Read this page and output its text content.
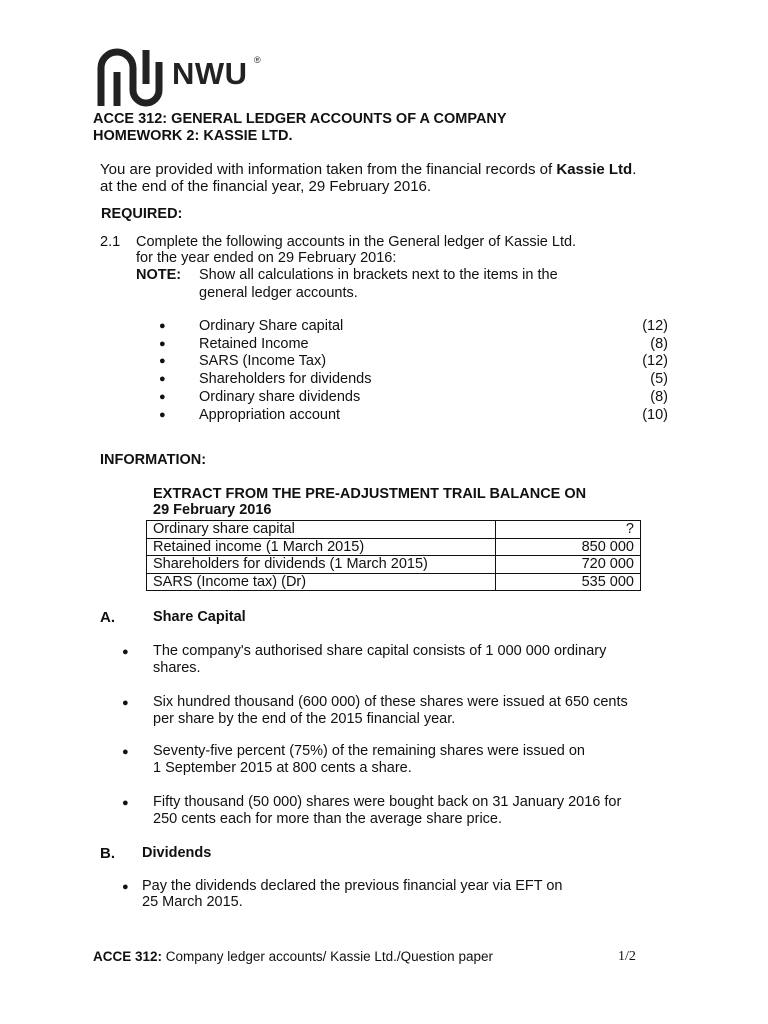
NWU ®
ACCE 312: GENERAL LEDGER ACCOUNTS OF A COMPANY
HOMEWORK 2: KASSIE LTD.
You are provided with information taken from the financial records of Kassie Ltd.
at the end of the financial year, 29 February 2016.
REQUIRED:
2.1 Complete the following accounts in the General ledger of Kassie Ltd.
for the year ended on 29 February 2016:
NOTE: Show all calculations in brackets next to the items in the
general ledger accounts.
● Ordinary Share capital	(12)
● Retained Income	(8)
● SARS (Income Tax)	(12)
● Shareholders for dividends	(5)
● Ordinary share dividends	(8)
● Appropriation account	(10)
INFORMATION:
EXTRACT FROM THE PRE-ADJUSTMENT TRAIL BALANCE ON
29 February 2016
Ordinary share capital	?
Retained income (1 March 2015)	850 000
Shareholders for dividends (1 March 2015)	720 000
SARS (Income tax) (Dr)	535 000
A.	Share Capital
● The company's authorised share capital consists of 1 000 000 ordinary
shares.
● Six hundred thousand (600 000) of these shares were issued at 650 cents
per share by the end of the 2015 financial year.
● Seventy-five percent (75%) of the remaining shares were issued on
1 September 2015 at 800 cents a share.
● Fifty thousand (50 000) shares were bought back on 31 January 2016 for
250 cents each for more than the average share price.
B. Dividends
● Pay the dividends declared the previous financial year via EFT on
25 March 2015.
ACCE 312: Company ledger accounts/ Kassie Ltd./Question paper	1/2
